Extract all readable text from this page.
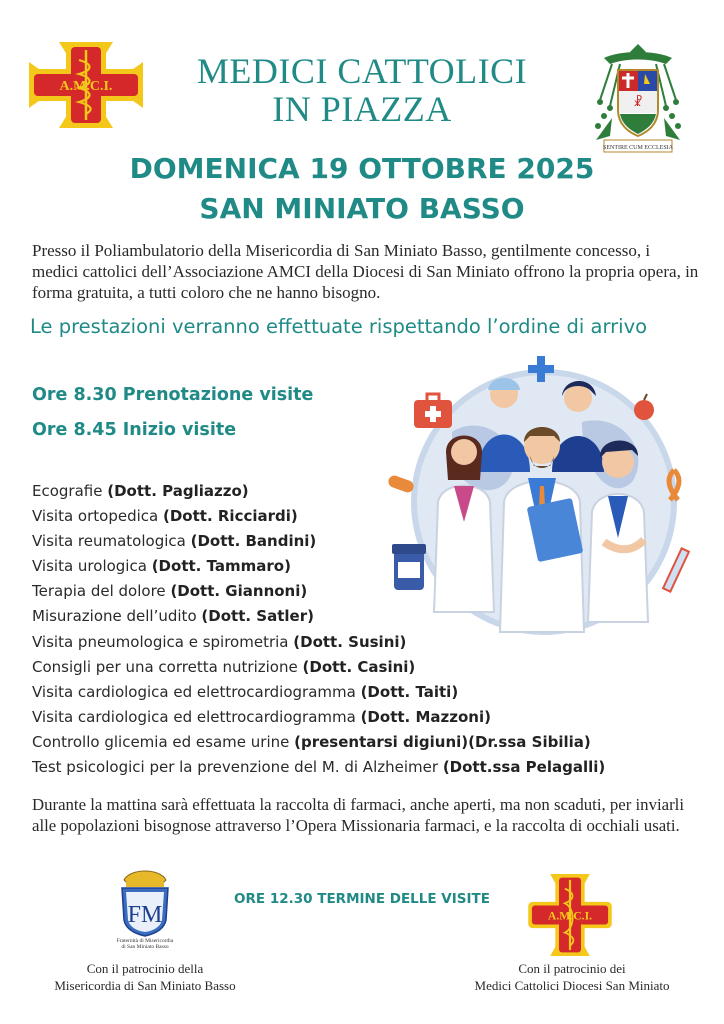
A.M.C.I.	MEDICI CATTOLICI
IN PIAZZA	☧
SENTIRE CUM ECCLESIA
DOMENICA 19 OTTOBRE 2025
SAN MINIATO BASSO
Presso il Poliambulatorio della Misericordia di San Miniato Basso, gentilmente concesso, i medici cattolici dell’Associazione AMCI della Diocesi di San Miniato offrono la propria opera, in forma gratuita, a tutti coloro che ne hanno bisogno.
Le prestazioni verranno effettuate rispettando l’ordine di arrivo
Ore 8.30 Prenotazione visite
Ore 8.45 Inizio visite
Ecografie (Dott. Pagliazzo)
Visita ortopedica (Dott. Ricciardi)
Visita reumatologica (Dott. Bandini)
Visita urologica (Dott. Tammaro)
Terapia del dolore (Dott. Giannoni)
Misurazione dell’udito (Dott. Satler)
Visita pneumologica e spirometria (Dott. Susini)
Consigli per una corretta nutrizione (Dott. Casini)
Visita cardiologica ed elettrocardiogramma (Dott. Taiti)
Visita cardiologica ed elettrocardiogramma (Dott. Mazzoni)
Controllo glicemia ed esame urine (presentarsi digiuni)(Dr.ssa Sibilia)
Test psicologici per la prevenzione del M. di Alzheimer (Dott.ssa Pelagalli)
Durante la mattina sarà effettuata la raccolta di farmaci, anche aperti, ma non scaduti, per inviarli alle popolazioni bisognose attraverso l’Opera Missionaria farmaci, e la raccolta di occhiali usati.
FM
Fraternità di Misericordia
di San Miniato Basso
ORE 12.30 TERMINE DELLE VISITE
A.M.C.I.
Con il patrocinio della
Misericordia di San Miniato Basso
Con il patrocinio dei
Medici Cattolici Diocesi San Miniato
